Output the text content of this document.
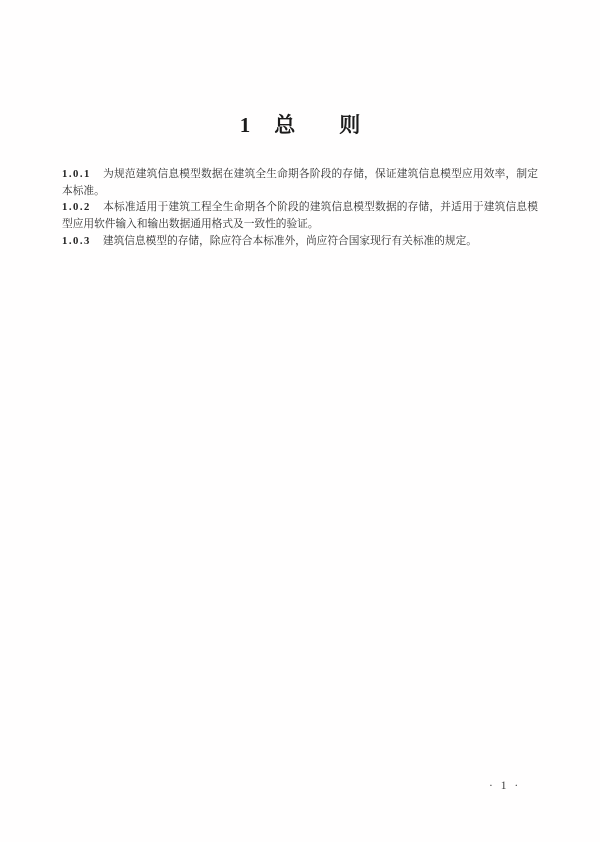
1 总 则

1.0.1 为规范建筑信息模型数据在建筑全生命期各阶段的存储，保证建筑信息模型应用效率，制定本标准。

1.0.2 本标准适用于建筑工程全生命期各个阶段的建筑信息模型数据的存储，并适用于建筑信息模型应用软件输入和输出数据通用格式及一致性的验证。

1.0.3 建筑信息模型的存储，除应符合本标准外，尚应符合国家现行有关标准的规定。

· 1 ·
